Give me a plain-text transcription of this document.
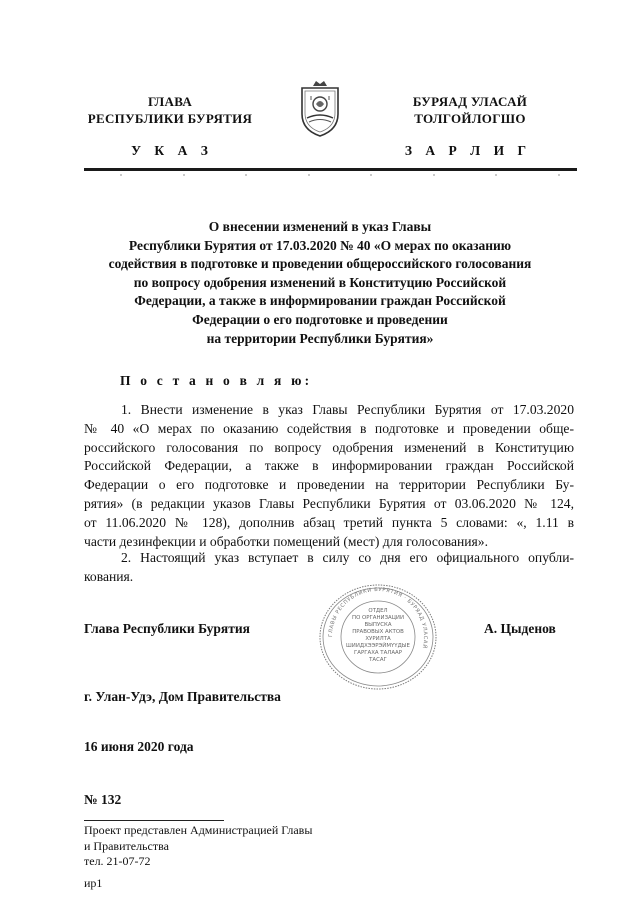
ГЛАВА
РЕСПУБЛИКИ БУРЯТИЯ
БУРЯАД УЛАСАЙ
ТОЛГОЙЛОГШО
У К А З	З А Р Л И Г
О внесении изменений в указ Главы
Республики Бурятия от 17.03.2020 № 40 «О мерах по оказанию
содействия в подготовке и проведении общероссийского голосования
по вопросу одобрения изменений в Конституцию Российской
Федерации, а также в информировании граждан Российской
Федерации о его подготовке и проведении
на территории Республики Бурятия»
П о с т а н о в л я ю:
1. Внести изменение в указ Главы Республики Бурятия от 17.03.2020
№ 40 «О мерах по оказанию содействия в подготовке и проведении обще-
российского голосования по вопросу одобрения изменений в Конституцию
Российской Федерации, а также в информировании граждан Российской
Федерации о его подготовке и проведении на территории Республики Бу-
рятия» (в редакции указов Главы Республики Бурятия от 03.06.2020 № 124,
от 11.06.2020 № 128), дополнив абзац третий пункта 5 словами: «, 1.11 в
части дезинфекции и обработки помещений (мест) для голосования».
2. Настоящий указ вступает в силу со дня его официального опубли-
кования.
ГЛАВЫ РЕСПУБЛИКИ БУРЯТИЯ · БУРЯАД УЛАСАЙ
ОТДЕЛ
ПО ОРГАНИЗАЦИИ
ВЫПУСКА
ПРАВОВЫХ АКТОВ
ХУРИЛТА
ШИИДХЭЭРЭЙМҮҮДЫЕ
ГАРГАХА ТАЛААР
ТАСАГ
Глава Республики Бурятия	А. Цыденов
г. Улан-Удэ, Дом Правительства
16 июня 2020 года
№ 132
Проект представлен Администрацией Главы
и Правительства
тел. 21-07-72
ир1
